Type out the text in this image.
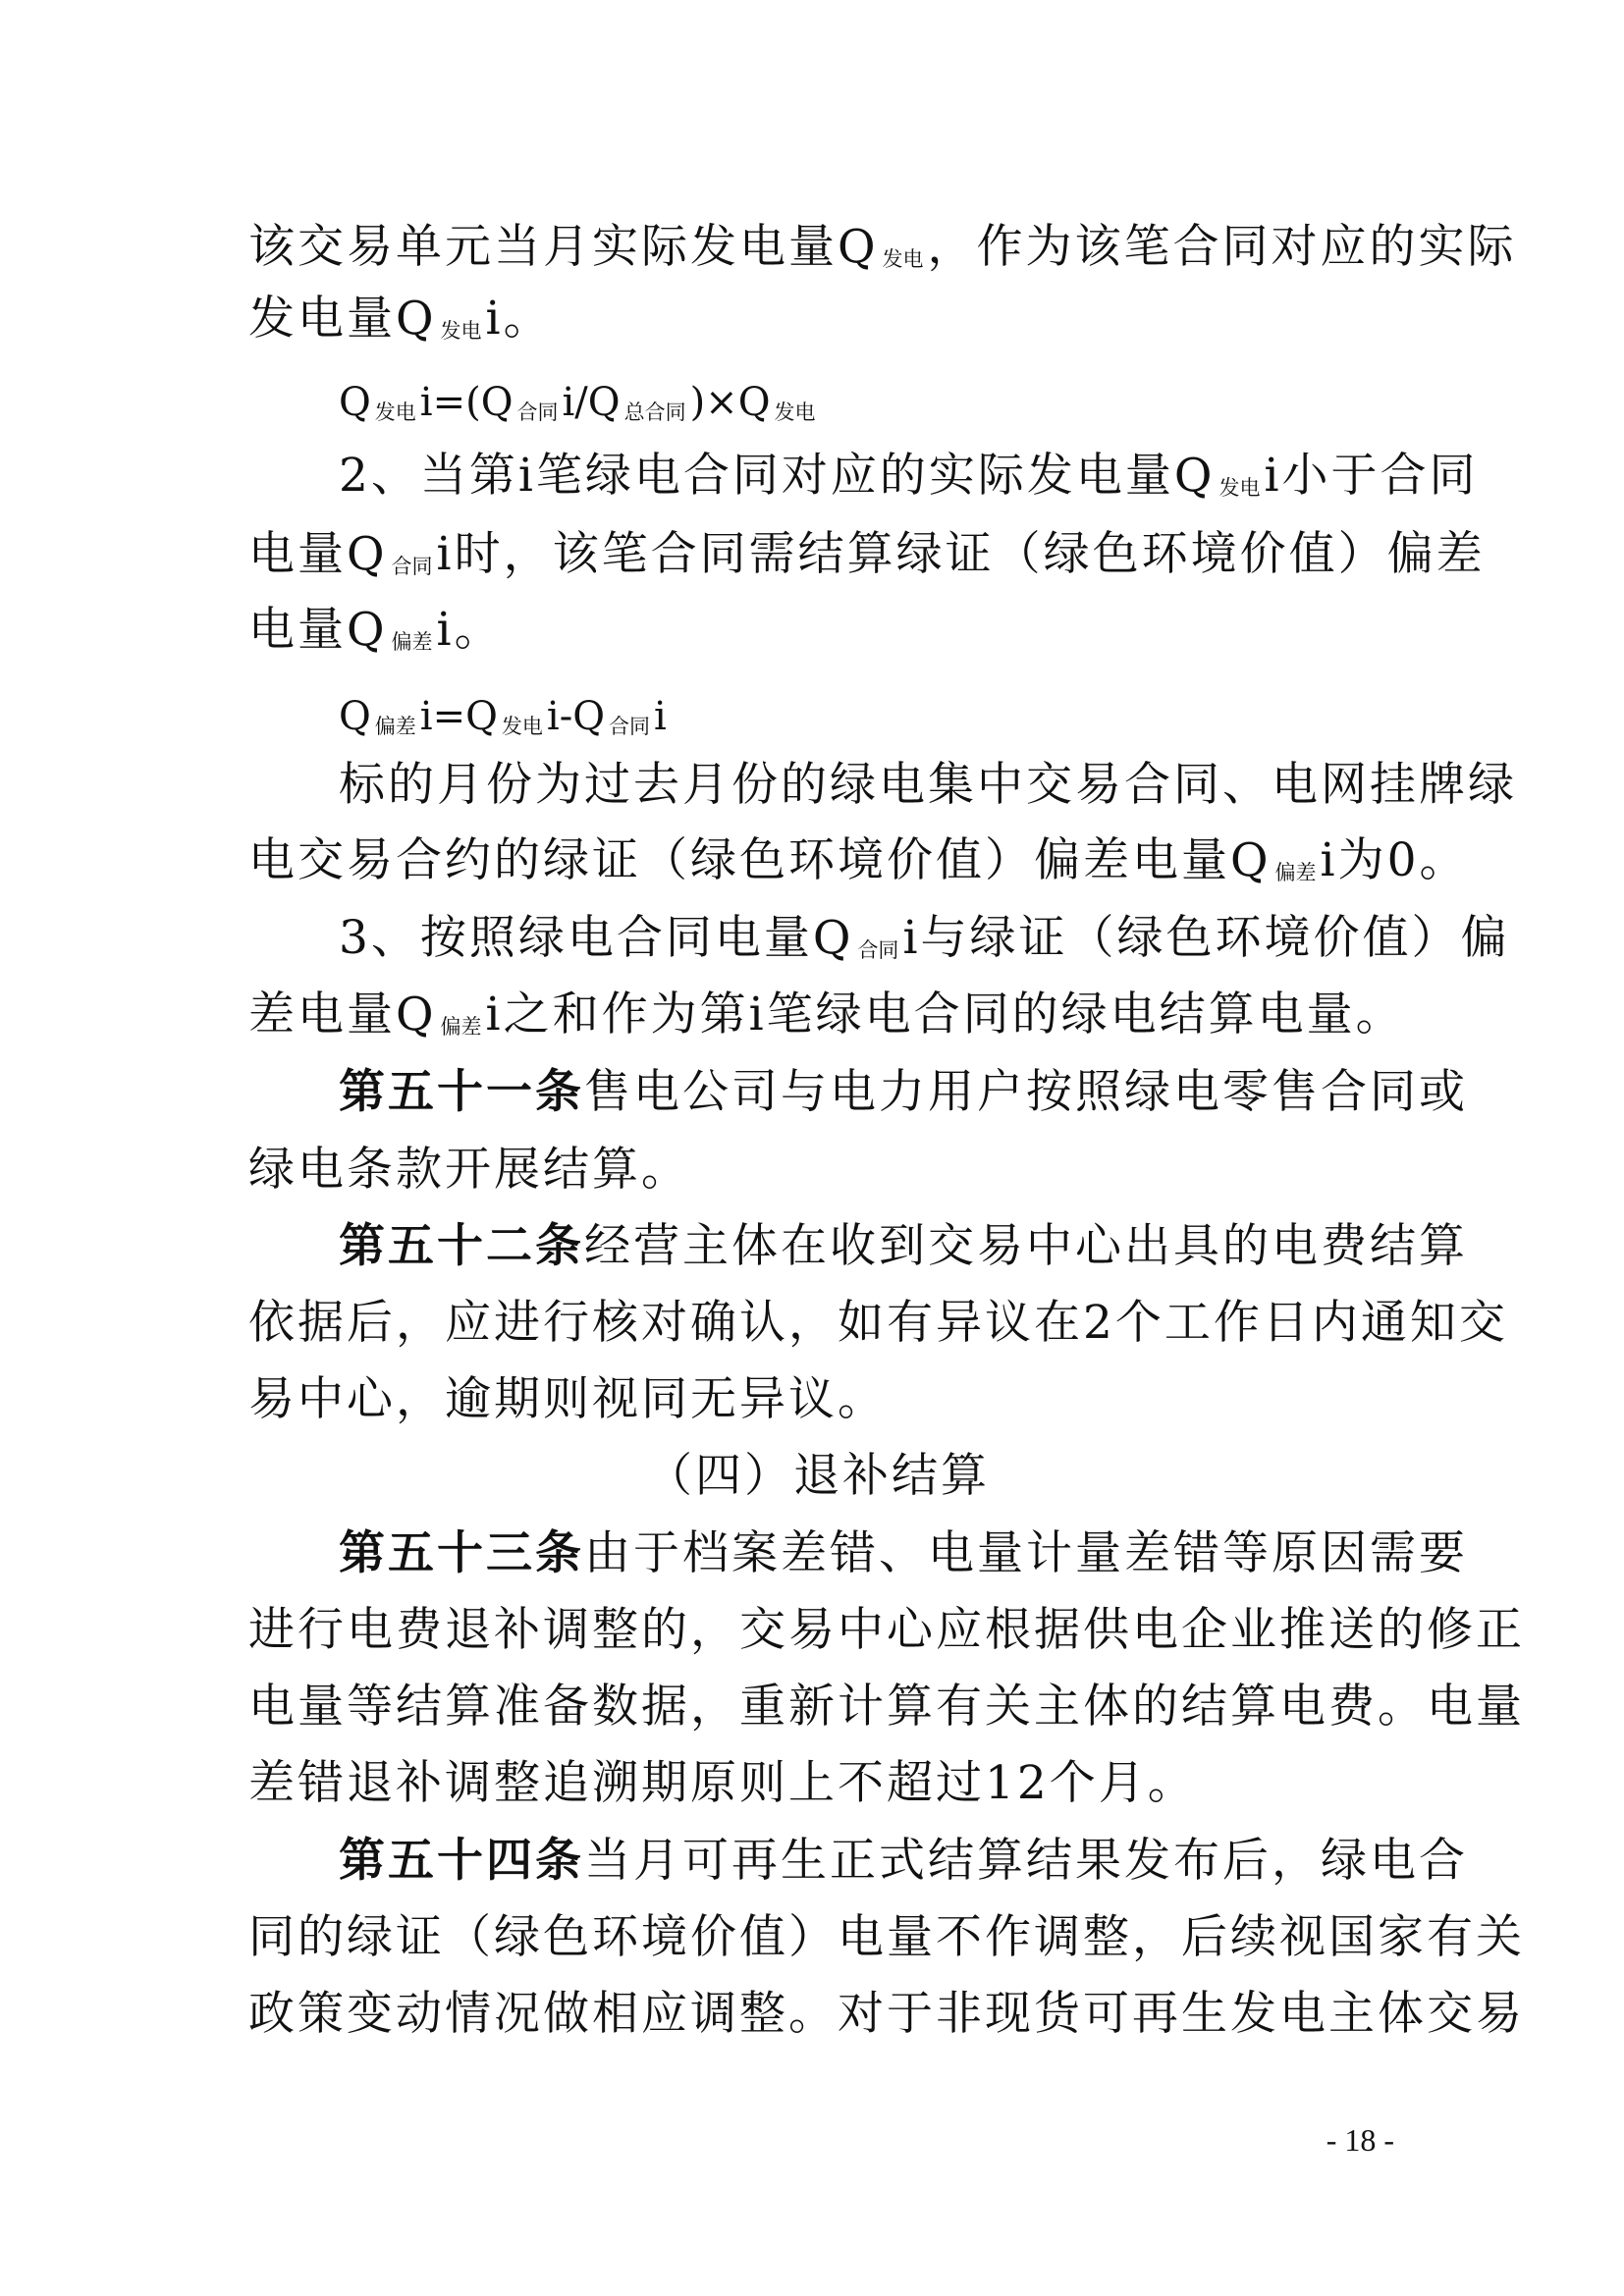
该交易单元当月实际发电量Q 发电，作为该笔合同对应的实际
发电量Q 发电i。
Q发电 i=(Q 合同 i/Q 总合同 )×Q 发电
2、当第i笔绿电合同对应的实际发电量Q 发电i小于合同
电量Q 合同i时，该笔合同需结算绿证（绿色环境价值）偏差
电量Q 偏差i。
Q偏差 i=Q 发电 i-Q 合同 i
标的月份为过去月份的绿电集中交易合同、电网挂牌绿
电交易合约的绿证（绿色环境价值）偏差电量Q 偏差i为0。
3、按照绿电合同电量Q 合同i与绿证（绿色环境价值）偏
差电量Q 偏差i之和作为第i笔绿电合同的绿电结算电量。
第五十一条售电公司与电力用户按照绿电零售合同或
绿电条款开展结算。
第五十二条经营主体在收到交易中心出具的电费结算
依据后，应进行核对确认，如有异议在2个工作日内通知交
易中心，逾期则视同无异议。
（四）退补结算
第五十三条由于档案差错、电量计量差错等原因需要
进行电费退补调整的，交易中心应根据供电企业推送的修正
电量等结算准备数据，重新计算有关主体的结算电费。电量
差错退补调整追溯期原则上不超过12个月。
第五十四条当月可再生正式结算结果发布后，绿电合
同的绿证（绿色环境价值）电量不作调整，后续视国家有关
政策变动情况做相应调整。对于非现货可再生发电主体交易
- 18 -
